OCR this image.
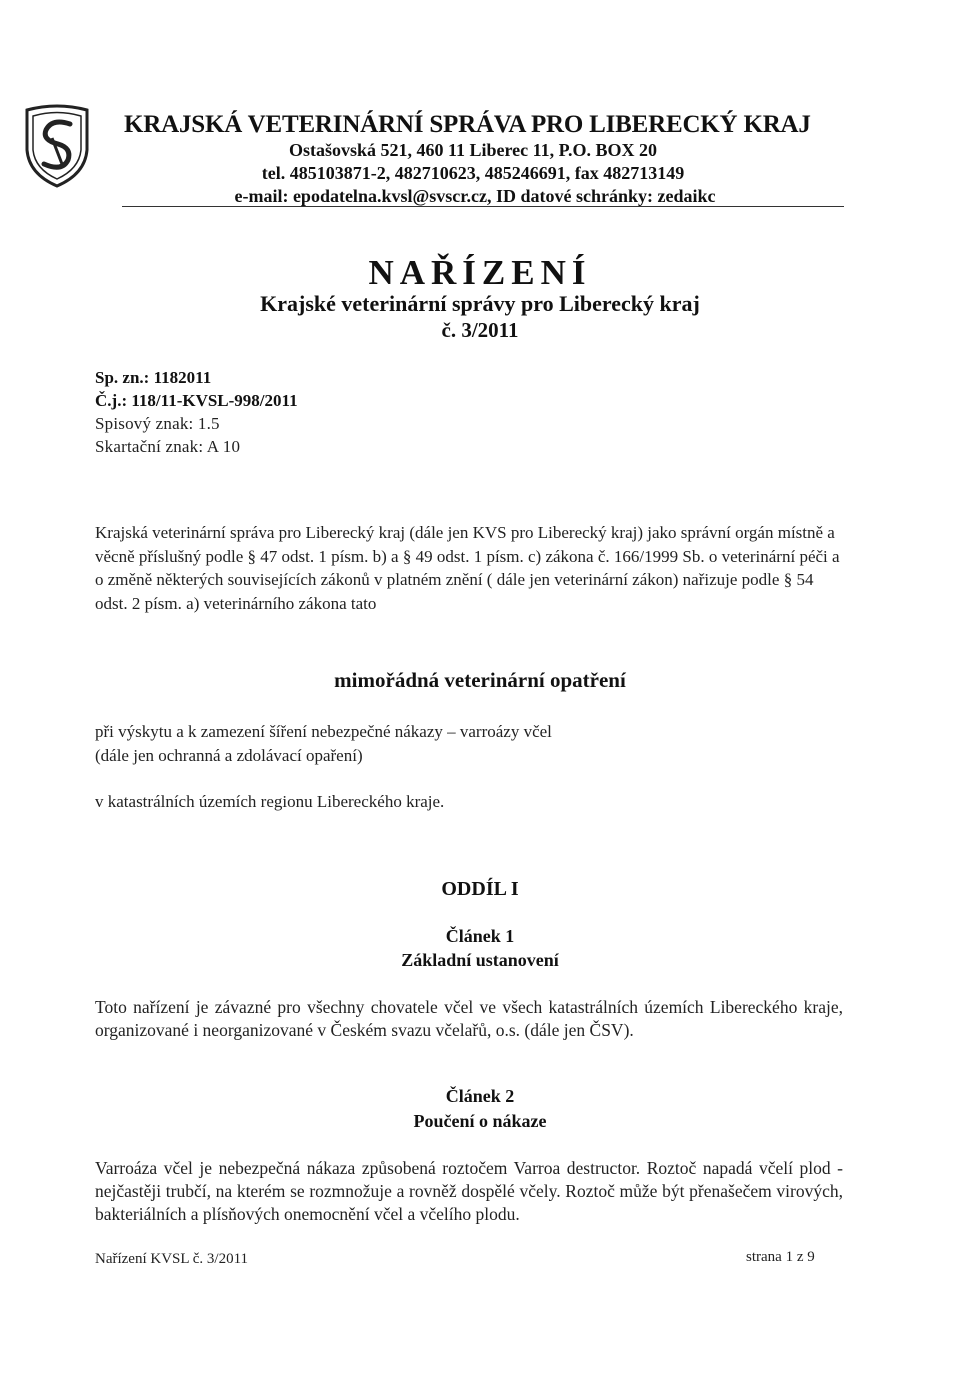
KRAJSKÁ VETERINÁRNÍ SPRÁVA PRO LIBERECKÝ KRAJ
Ostašovská 521, 460 11 Liberec 11, P.O. BOX 20
tel. 485103871-2, 482710623, 485246691, fax 482713149
e-mail: epodatelna.kvsl@svscr.cz, ID datové schránky: zedaikc
NAŘÍZENÍ
Krajské veterinární správy pro Liberecký kraj
č. 3/2011
Sp. zn.: 1182011
Č.j.: 118/11-KVSL-998/2011
Spisový znak: 1.5
Skartační znak: A 10
Krajská veterinární správa pro Liberecký kraj (dále jen KVS pro Liberecký kraj) jako správní orgán místně a věcně příslušný podle § 47 odst. 1 písm. b) a § 49 odst. 1 písm. c) zákona č. 166/1999 Sb. o veterinární péči a o změně některých souvisejících zákonů v platném znění ( dále jen veterinární zákon) nařizuje podle § 54 odst. 2 písm. a) veterinárního zákona tato
mimořádná veterinární opatření
při výskytu a k zamezení šíření nebezpečné nákazy – varroázy včel
(dále jen ochranná a zdolávací opaření)
v katastrálních územích regionu Libereckého kraje.
ODDÍL I
Článek 1
Základní ustanovení
Toto nařízení je závazné pro všechny chovatele včel ve všech katastrálních územích Libereckého kraje, organizované i neorganizované v Českém svazu včelařů, o.s. (dále jen ČSV).
Článek 2
Poučení o nákaze
Varroáza včel je nebezpečná nákaza způsobená roztočem Varroa destructor. Roztoč napadá včelí plod - nejčastěji trubčí, na kterém se rozmnožuje a rovněž dospělé včely. Roztoč může být přenašečem virových, bakteriálních a plísňových onemocnění včel a včelího plodu.
Nařízení KVSL č. 3/2011	strana 1 z 9
